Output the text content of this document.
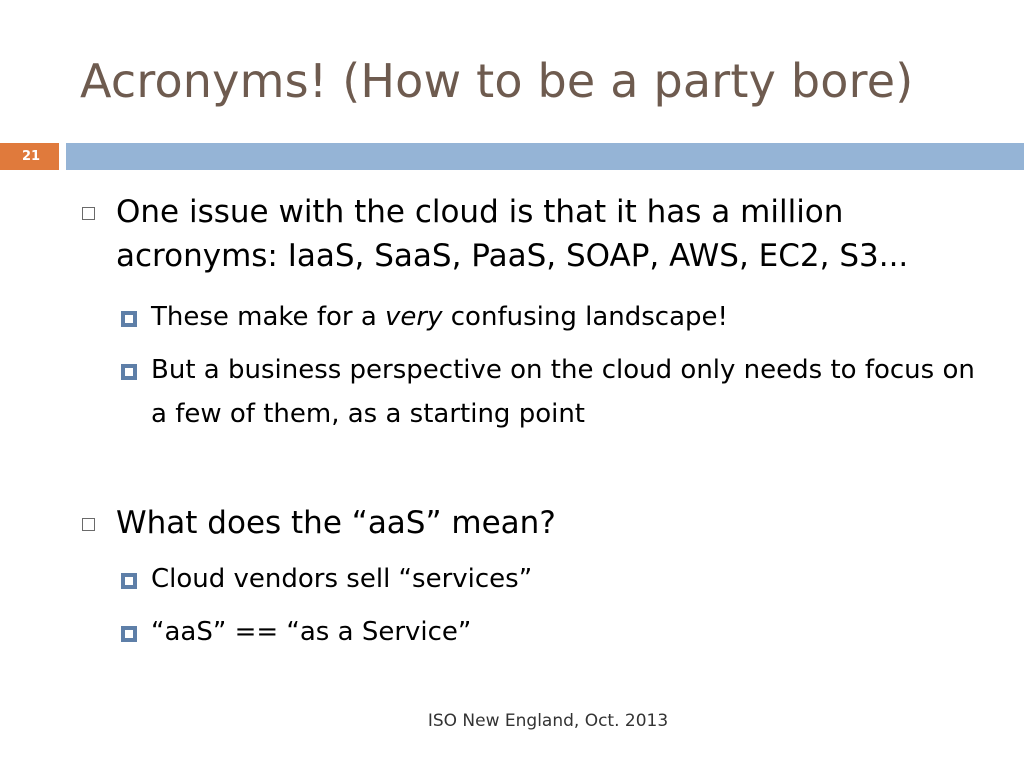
Acronyms! (How to be a party bore)
21
One issue with the cloud is that it has a million acronyms: IaaS, SaaS, PaaS, SOAP, AWS, EC2, S3...
These make for a very confusing landscape!
But a business perspective on the cloud only needs to focus on a few of them, as a starting point
What does the “aaS” mean?
Cloud vendors sell “services”
“aaS” == “as a Service”
ISO New England, Oct. 2013
